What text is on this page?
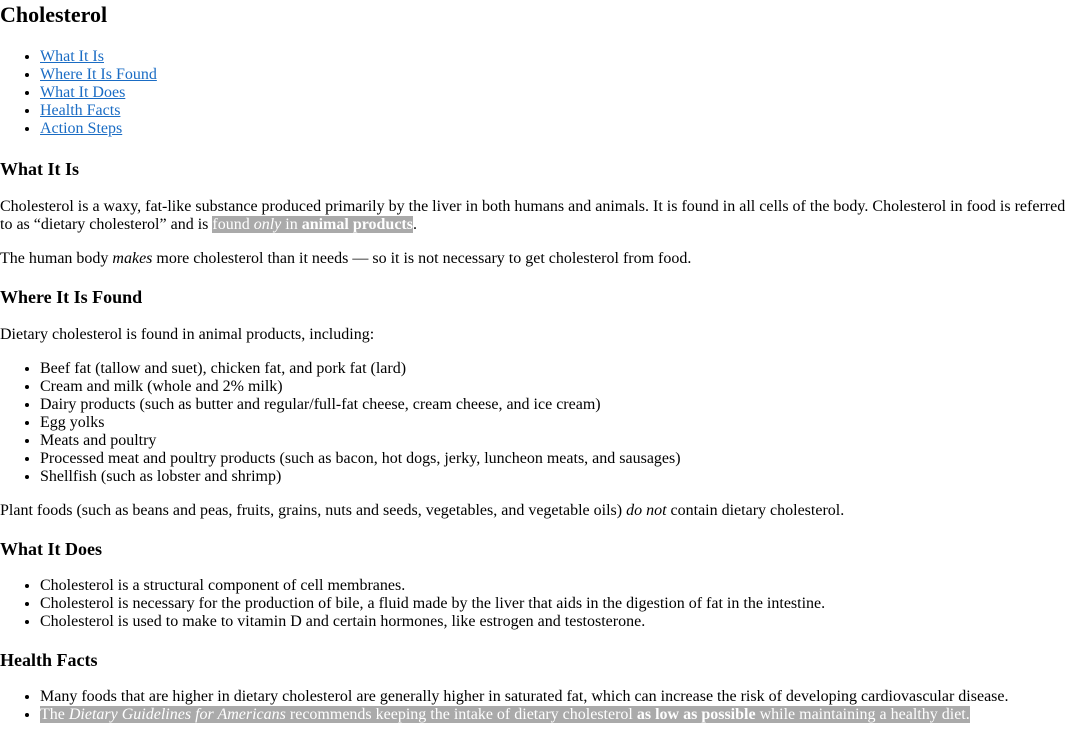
Cholesterol
• What It Is
• Where It Is Found
• What It Does
• Health Facts
• Action Steps
What It Is

Cholesterol is a waxy, fat-like substance produced primarily by the liver in both humans and animals. It is found in all cells of the body. Cholesterol in food is referred to as “dietary cholesterol” and is found only in animal products.

The human body makes more cholesterol than it needs — so it is not necessary to get cholesterol from food.

Where It Is Found

Dietary cholesterol is found in animal products, including:

• Beef fat (tallow and suet), chicken fat, and pork fat (lard)
• Cream and milk (whole and 2% milk)
• Dairy products (such as butter and regular/full-fat cheese, cream cheese, and ice cream)
• Egg yolks
• Meats and poultry
• Processed meat and poultry products (such as bacon, hot dogs, jerky, luncheon meats, and sausages)
• Shellfish (such as lobster and shrimp)

Plant foods (such as beans and peas, fruits, grains, nuts and seeds, vegetables, and vegetable oils) do not contain dietary cholesterol.

What It Does
• Cholesterol is a structural component of cell membranes.
• Cholesterol is necessary for the production of bile, a fluid made by the liver that aids in the digestion of fat in the intestine.
• Cholesterol is used to make to vitamin D and certain hormones, like estrogen and testosterone.
Health Facts
• Many foods that are higher in dietary cholesterol are generally higher in saturated fat, which can increase the risk of developing cardiovascular disease.
• The Dietary Guidelines for Americans recommends keeping the intake of dietary cholesterol as low as possible while maintaining a healthy diet.
